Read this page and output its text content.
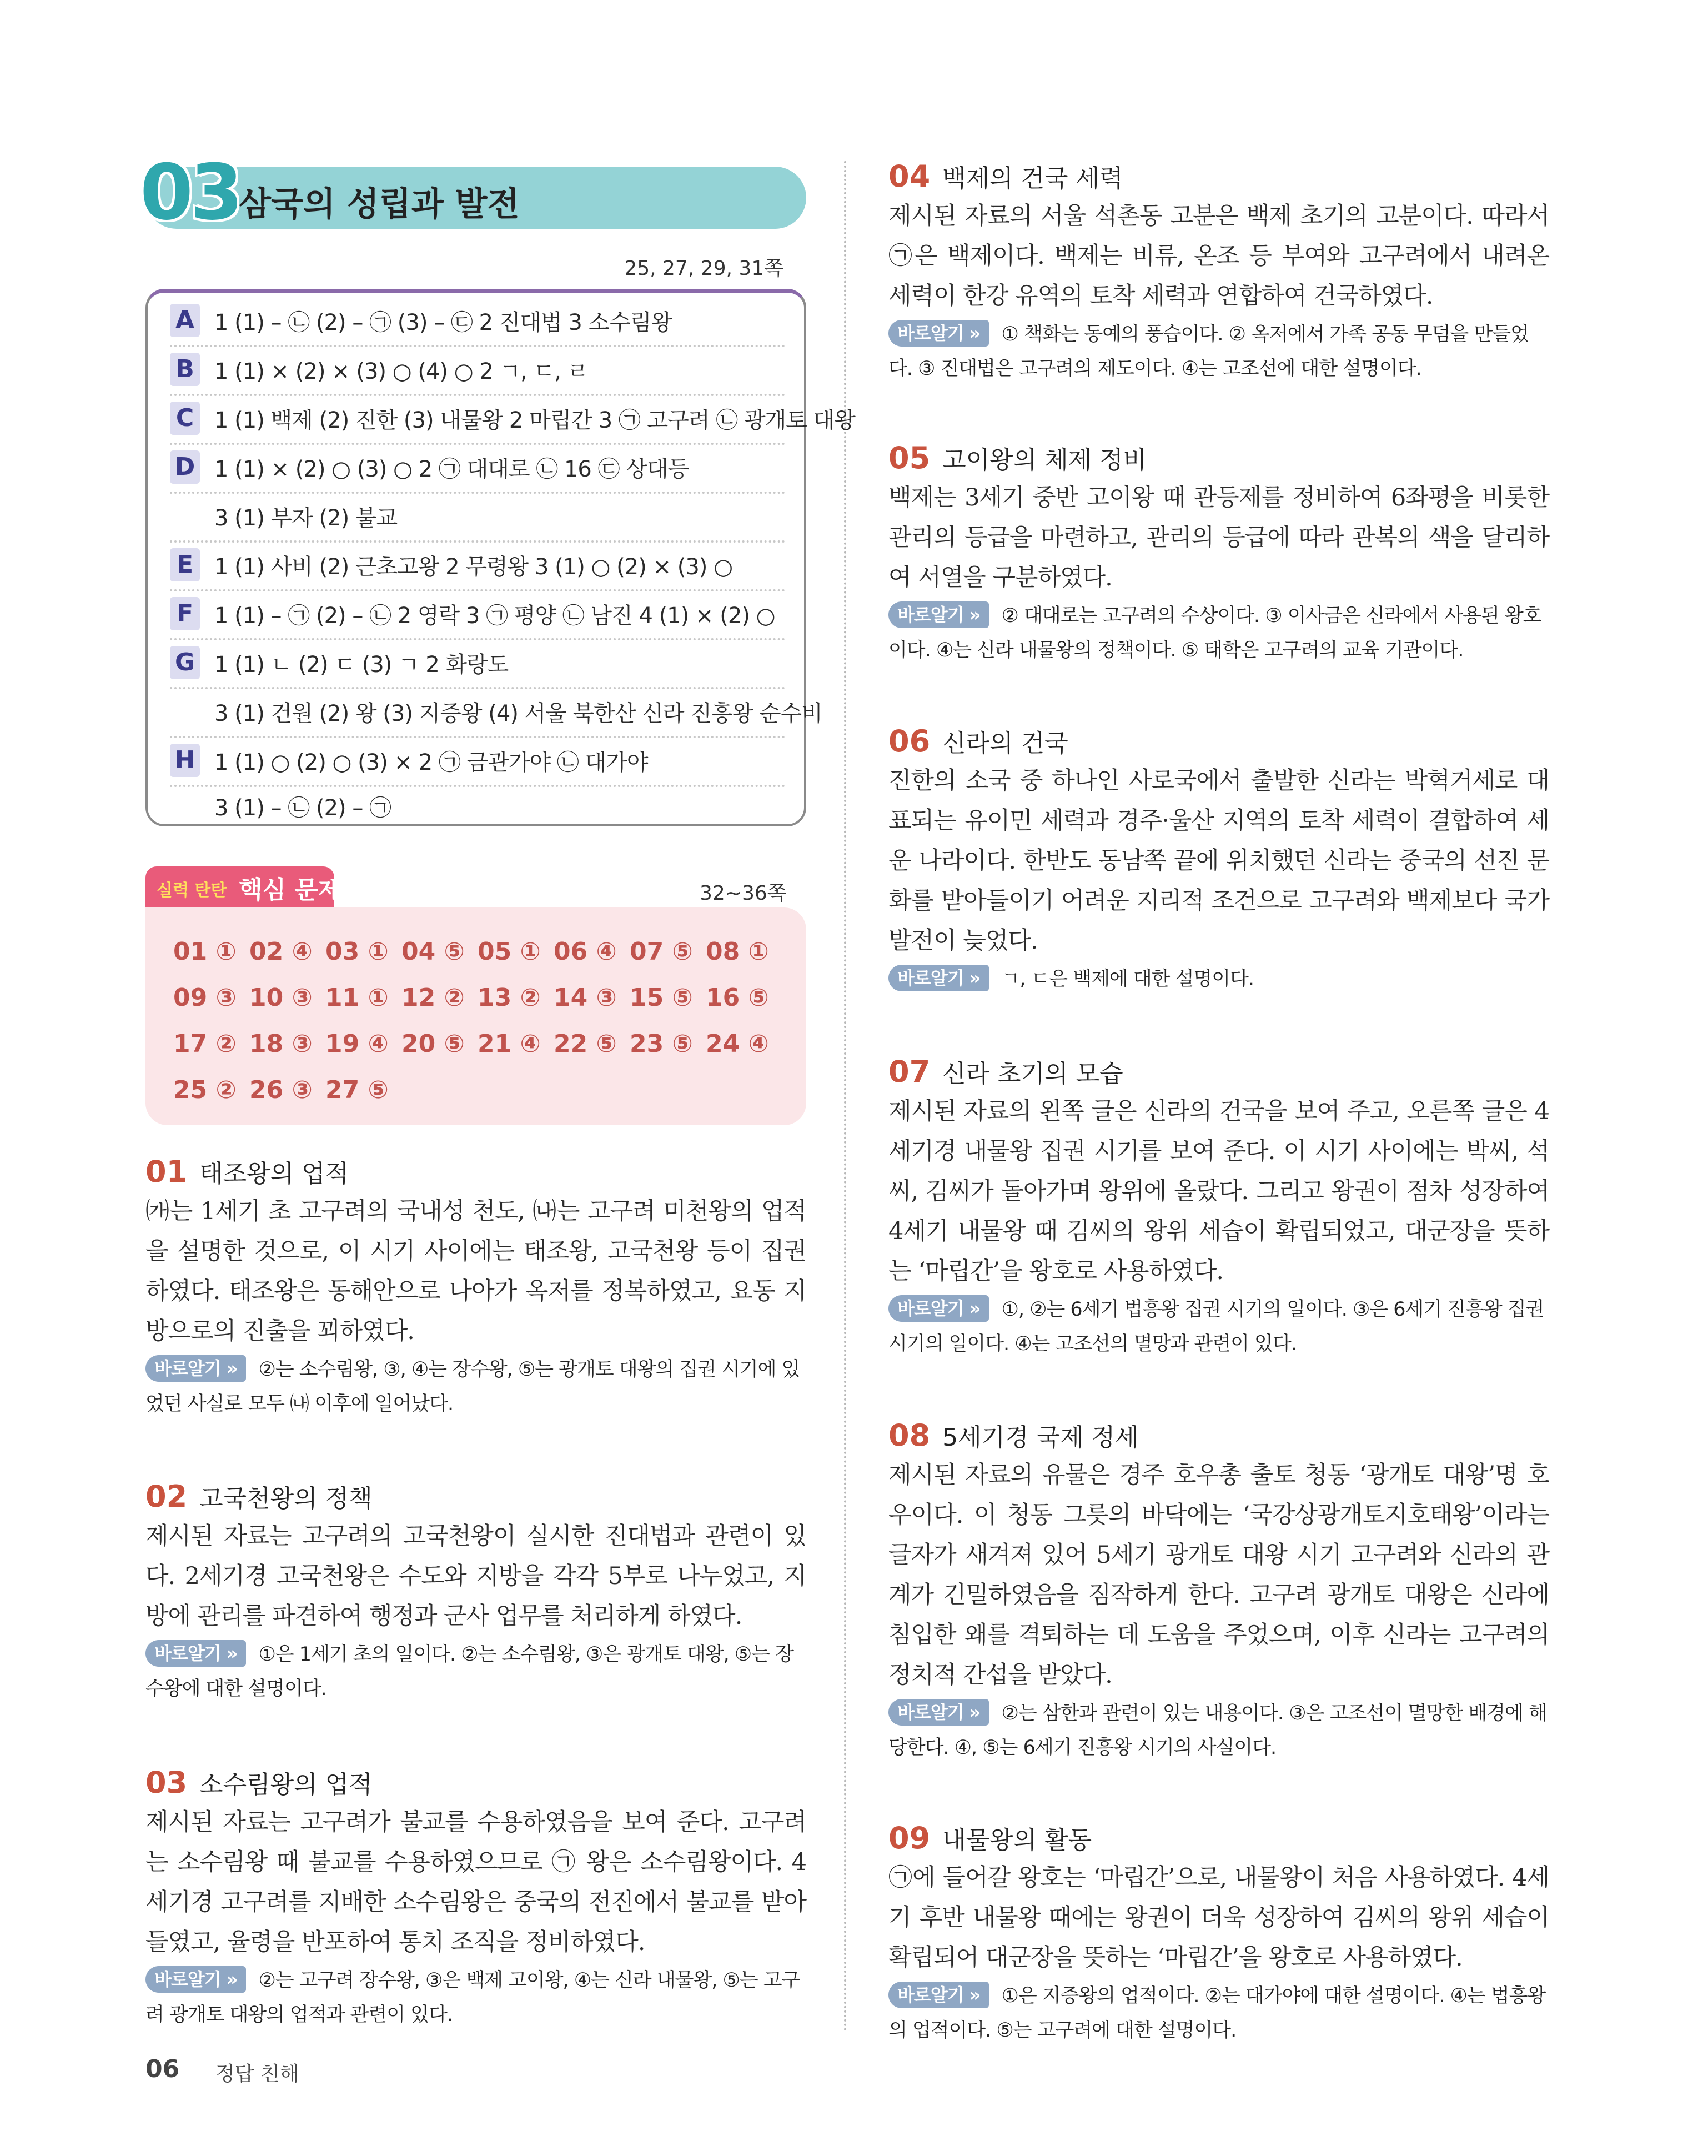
03
삼국의 성립과 발전
25, 27, 29, 31쪽
A 1 (1) – ㉡ (2) – ㉠ (3) – ㉢ 2 진대법 3 소수림왕
B 1 (1) × (2) × (3) ○ (4) ○ 2 ㄱ, ㄷ, ㄹ
C 1 (1) 백제 (2) 진한 (3) 내물왕 2 마립간 3 ㉠ 고구려 ㉡ 광개토 대왕
D 1 (1) × (2) ○ (3) ○ 2 ㉠ 대대로 ㉡ 16 ㉢ 상대등
3 (1) 부자 (2) 불교
E 1 (1) 사비 (2) 근초고왕 2 무령왕 3 (1) ○ (2) × (3) ○
F 1 (1) – ㉠ (2) – ㉡ 2 영락 3 ㉠ 평양 ㉡ 남진 4 (1) × (2) ○
G 1 (1) ㄴ (2) ㄷ (3) ㄱ 2 화랑도
3 (1) 건원 (2) 왕 (3) 지증왕 (4) 서울 북한산 신라 진흥왕 순수비
H 1 (1) ○ (2) ○ (3) × 2 ㉠ 금관가야 ㉡ 대가야
3 (1) – ㉡ (2) – ㉠
실력 탄탄 핵심 문제	32~36쪽
01 ① 02 ④ 03 ① 04 ⑤ 05 ① 06 ④ 07 ⑤ 08 ①
09 ③ 10 ③ 11 ① 12 ② 13 ② 14 ③ 15 ⑤ 16 ⑤
17 ② 18 ③ 19 ④ 20 ⑤ 21 ④ 22 ⑤ 23 ⑤ 24 ④
25 ② 26 ③ 27 ⑤
01 태조왕의 업적
㈎는 1세기 초 고구려의 국내성 천도, ㈏는 고구려 미천왕의 업적을 설명한 것으로, 이 시기 사이에는 태조왕, 고국천왕 등이 집권하였다. 태조왕은 동해안으로 나아가 옥저를 정복하였고, 요동 지방으로의 진출을 꾀하였다.
바로알기 » ②는 소수림왕, ③, ④는 장수왕, ⑤는 광개토 대왕의 집권 시기에 있었던 사실로 모두 ㈏ 이후에 일어났다.
02 고국천왕의 정책
제시된 자료는 고구려의 고국천왕이 실시한 진대법과 관련이 있다. 2세기경 고국천왕은 수도와 지방을 각각 5부로 나누었고, 지방에 관리를 파견하여 행정과 군사 업무를 처리하게 하였다.
바로알기 » ①은 1세기 초의 일이다. ②는 소수림왕, ③은 광개토 대왕, ⑤는 장수왕에 대한 설명이다.
03 소수림왕의 업적
제시된 자료는 고구려가 불교를 수용하였음을 보여 준다. 고구려는 소수림왕 때 불교를 수용하였으므로 ㉠ 왕은 소수림왕이다. 4세기경 고구려를 지배한 소수림왕은 중국의 전진에서 불교를 받아들였고, 율령을 반포하여 통치 조직을 정비하였다.
바로알기 » ②는 고구려 장수왕, ③은 백제 고이왕, ④는 신라 내물왕, ⑤는 고구려 광개토 대왕의 업적과 관련이 있다.
04 백제의 건국 세력
제시된 자료의 서울 석촌동 고분은 백제 초기의 고분이다. 따라서 ㉠은 백제이다. 백제는 비류, 온조 등 부여와 고구려에서 내려온 세력이 한강 유역의 토착 세력과 연합하여 건국하였다.
바로알기 » ① 책화는 동예의 풍습이다. ② 옥저에서 가족 공동 무덤을 만들었다. ③ 진대법은 고구려의 제도이다. ④는 고조선에 대한 설명이다.
05 고이왕의 체제 정비
백제는 3세기 중반 고이왕 때 관등제를 정비하여 6좌평을 비롯한 관리의 등급을 마련하고, 관리의 등급에 따라 관복의 색을 달리하여 서열을 구분하였다.
바로알기 » ② 대대로는 고구려의 수상이다. ③ 이사금은 신라에서 사용된 왕호이다. ④는 신라 내물왕의 정책이다. ⑤ 태학은 고구려의 교육 기관이다.
06 신라의 건국
진한의 소국 중 하나인 사로국에서 출발한 신라는 박혁거세로 대표되는 유이민 세력과 경주·울산 지역의 토착 세력이 결합하여 세운 나라이다. 한반도 동남쪽 끝에 위치했던 신라는 중국의 선진 문화를 받아들이기 어려운 지리적 조건으로 고구려와 백제보다 국가 발전이 늦었다.
바로알기 » ㄱ, ㄷ은 백제에 대한 설명이다.
07 신라 초기의 모습
제시된 자료의 왼쪽 글은 신라의 건국을 보여 주고, 오른쪽 글은 4세기경 내물왕 집권 시기를 보여 준다. 이 시기 사이에는 박씨, 석씨, 김씨가 돌아가며 왕위에 올랐다. 그리고 왕권이 점차 성장하여 4세기 내물왕 때 김씨의 왕위 세습이 확립되었고, 대군장을 뜻하는 ‘마립간’을 왕호로 사용하였다.
바로알기 » ①, ②는 6세기 법흥왕 집권 시기의 일이다. ③은 6세기 진흥왕 집권 시기의 일이다. ④는 고조선의 멸망과 관련이 있다.
08 5세기경 국제 정세
제시된 자료의 유물은 경주 호우총 출토 청동 ‘광개토 대왕’명 호우이다. 이 청동 그릇의 바닥에는 ‘국강상광개토지호태왕’이라는 글자가 새겨져 있어 5세기 광개토 대왕 시기 고구려와 신라의 관계가 긴밀하였음을 짐작하게 한다. 고구려 광개토 대왕은 신라에 침입한 왜를 격퇴하는 데 도움을 주었으며, 이후 신라는 고구려의 정치적 간섭을 받았다.
바로알기 » ②는 삼한과 관련이 있는 내용이다. ③은 고조선이 멸망한 배경에 해당한다. ④, ⑤는 6세기 진흥왕 시기의 사실이다.
09 내물왕의 활동
㉠에 들어갈 왕호는 ‘마립간’으로, 내물왕이 처음 사용하였다. 4세기 후반 내물왕 때에는 왕권이 더욱 성장하여 김씨의 왕위 세습이 확립되어 대군장을 뜻하는 ‘마립간’을 왕호로 사용하였다.
바로알기 » ①은 지증왕의 업적이다. ②는 대가야에 대한 설명이다. ④는 법흥왕의 업적이다. ⑤는 고구려에 대한 설명이다.
06 정답 친해
